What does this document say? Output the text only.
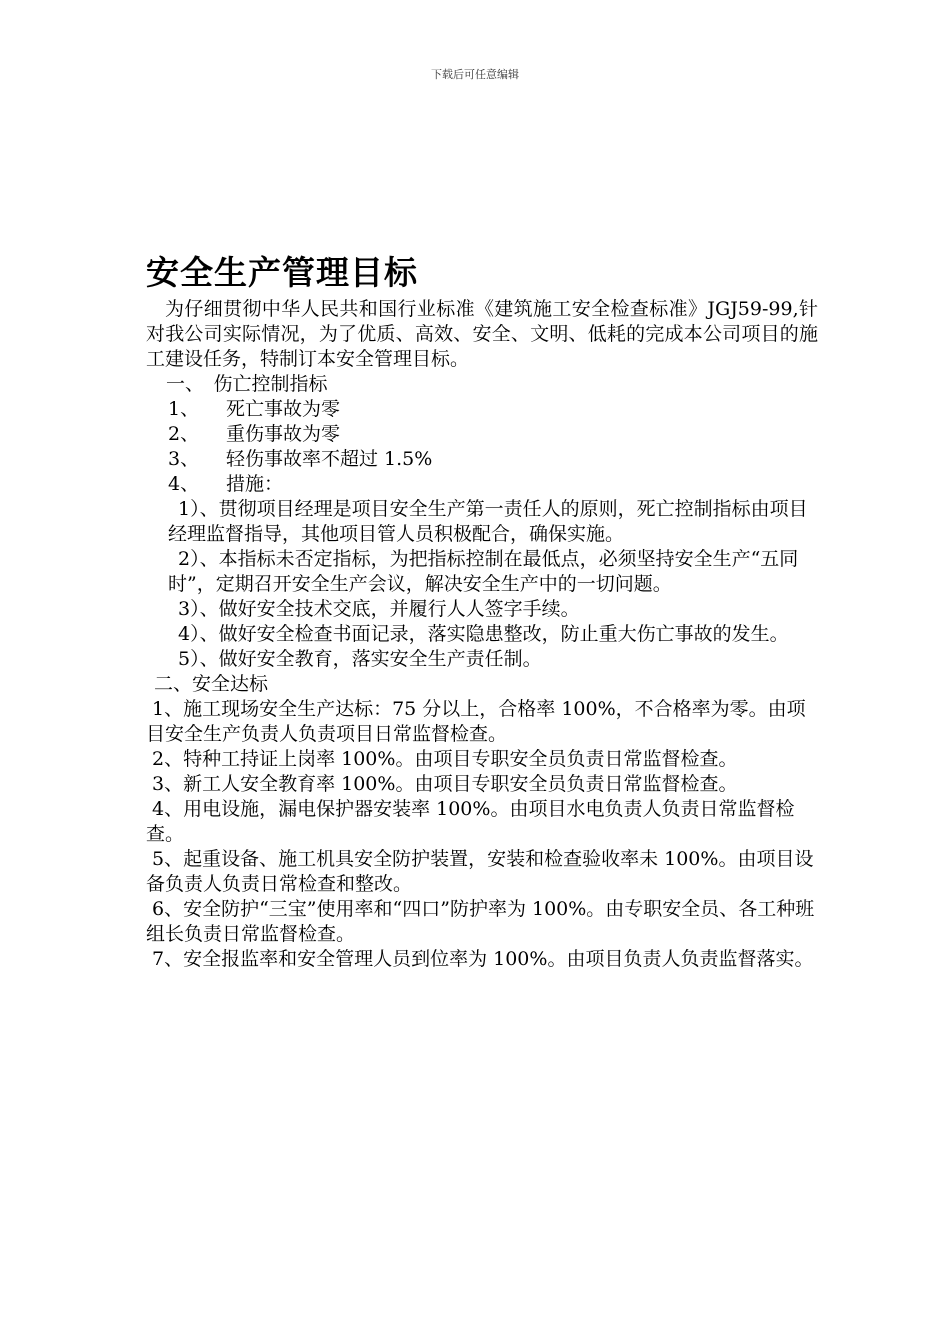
下载后可任意编辑
安全生产管理目标

为仔细贯彻中华人民共和国行业标准《建筑施工安全检查标准》JGJ59-99,针对我公司实际情况，为了优质、高效、安全、文明、低耗的完成本公司项目的施工建设任务，特制订本安全管理目标。

一、　伤亡控制指标

1、 死亡事故为零

2、 重伤事故为零

3、 轻伤事故率不超过 1.5%

4、 措施：

1）、贯彻项目经理是项目安全生产第一责任人的原则，死亡控制指标由项目经理监督指导，其他项目管人员积极配合，确保实施。

2）、本指标未否定指标，为把指标控制在最低点，必须坚持安全生产“五同时”，定期召开安全生产会议，解决安全生产中的一切问题。

3）、做好安全技术交底，并履行人人签字手续。

4）、做好安全检查书面记录，落实隐患整改，防止重大伤亡事故的发生。

5）、做好安全教育，落实安全生产责任制。

二、安全达标

1、施工现场安全生产达标：75 分以上，合格率 100%，不合格率为零。由项目安全生产负责人负责项目日常监督检查。

2、特种工持证上岗率 100%。由项目专职安全员负责日常监督检查。

3、新工人安全教育率 100%。由项目专职安全员负责日常监督检查。

4、用电设施，漏电保护器安装率 100%。由项目水电负责人负责日常监督检查。

5、起重设备、施工机具安全防护装置，安装和检查验收率未 100%。由项目设备负责人负责日常检查和整改。

6、安全防护“三宝”使用率和“四口”防护率为 100%。由专职安全员、各工种班组长负责日常监督检查。

7、安全报监率和安全管理人员到位率为 100%。由项目负责人负责监督落实。
